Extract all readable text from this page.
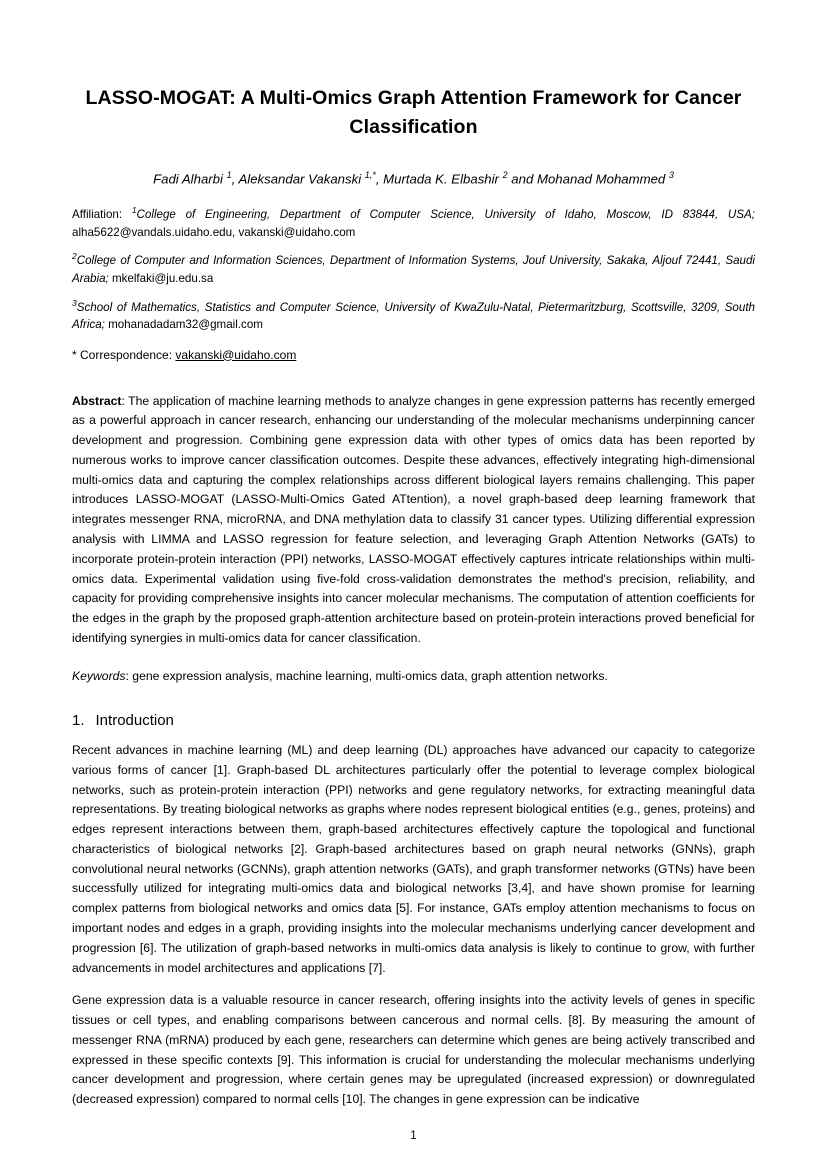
LASSO-MOGAT: A Multi-Omics Graph Attention Framework for Cancer Classification
Fadi Alharbi $^1$, Aleksandar Vakanski $^{1,*}$, Murtada K. Elbashir $^2$ and Mohanad Mohammed $^3$
Affiliation: $^1$College of Engineering, Department of Computer Science, University of Idaho, Moscow, ID 83844, USA; alha5622@vandals.uidaho.edu, vakanski@uidaho.com
$^2$College of Computer and Information Sciences, Department of Information Systems, Jouf University, Sakaka, Aljouf 72441, Saudi Arabia; mkelfaki@ju.edu.sa
$^3$School of Mathematics, Statistics and Computer Science, University of KwaZulu-Natal, Pietermaritzburg, Scottsville, 3209, South Africa; mohanadadam32@gmail.com
* Correspondence: vakanski@uidaho.com
Abstract: The application of machine learning methods to analyze changes in gene expression patterns has recently emerged as a powerful approach in cancer research, enhancing our understanding of the molecular mechanisms underpinning cancer development and progression. Combining gene expression data with other types of omics data has been reported by numerous works to improve cancer classification outcomes. Despite these advances, effectively integrating high-dimensional multi-omics data and capturing the complex relationships across different biological layers remains challenging. This paper introduces LASSO-MOGAT (LASSO-Multi-Omics Gated ATtention), a novel graph-based deep learning framework that integrates messenger RNA, microRNA, and DNA methylation data to classify 31 cancer types. Utilizing differential expression analysis with LIMMA and LASSO regression for feature selection, and leveraging Graph Attention Networks (GATs) to incorporate protein-protein interaction (PPI) networks, LASSO-MOGAT effectively captures intricate relationships within multi-omics data. Experimental validation using five-fold cross-validation demonstrates the method's precision, reliability, and capacity for providing comprehensive insights into cancer molecular mechanisms. The computation of attention coefficients for the edges in the graph by the proposed graph-attention architecture based on protein-protein interactions proved beneficial for identifying synergies in multi-omics data for cancer classification.
Keywords: gene expression analysis, machine learning, multi-omics data, graph attention networks.
1. Introduction

Recent advances in machine learning (ML) and deep learning (DL) approaches have advanced our capacity to categorize various forms of cancer [1]. Graph-based DL architectures particularly offer the potential to leverage complex biological networks, such as protein-protein interaction (PPI) networks and gene regulatory networks, for extracting meaningful data representations. By treating biological networks as graphs where nodes represent biological entities (e.g., genes, proteins) and edges represent interactions between them, graph-based architectures effectively capture the topological and functional characteristics of biological networks [2]. Graph-based architectures based on graph neural networks (GNNs), graph convolutional neural networks (GCNNs), graph attention networks (GATs), and graph transformer networks (GTNs) have been successfully utilized for integrating multi-omics data and biological networks [3,4], and have shown promise for learning complex patterns from biological networks and omics data [5]. For instance, GATs employ attention mechanisms to focus on important nodes and edges in a graph, providing insights into the molecular mechanisms underlying cancer development and progression [6]. The utilization of graph-based networks in multi-omics data analysis is likely to continue to grow, with further advancements in model architectures and applications [7].

Gene expression data is a valuable resource in cancer research, offering insights into the activity levels of genes in specific tissues or cell types, and enabling comparisons between cancerous and normal cells. [8]. By measuring the amount of messenger RNA (mRNA) produced by each gene, researchers can determine which genes are being actively transcribed and expressed in these specific contexts [9]. This information is crucial for understanding the molecular mechanisms underlying cancer development and progression, where certain genes may be upregulated (increased expression) or downregulated (decreased expression) compared to normal cells [10]. The changes in gene expression can be indicative

1
